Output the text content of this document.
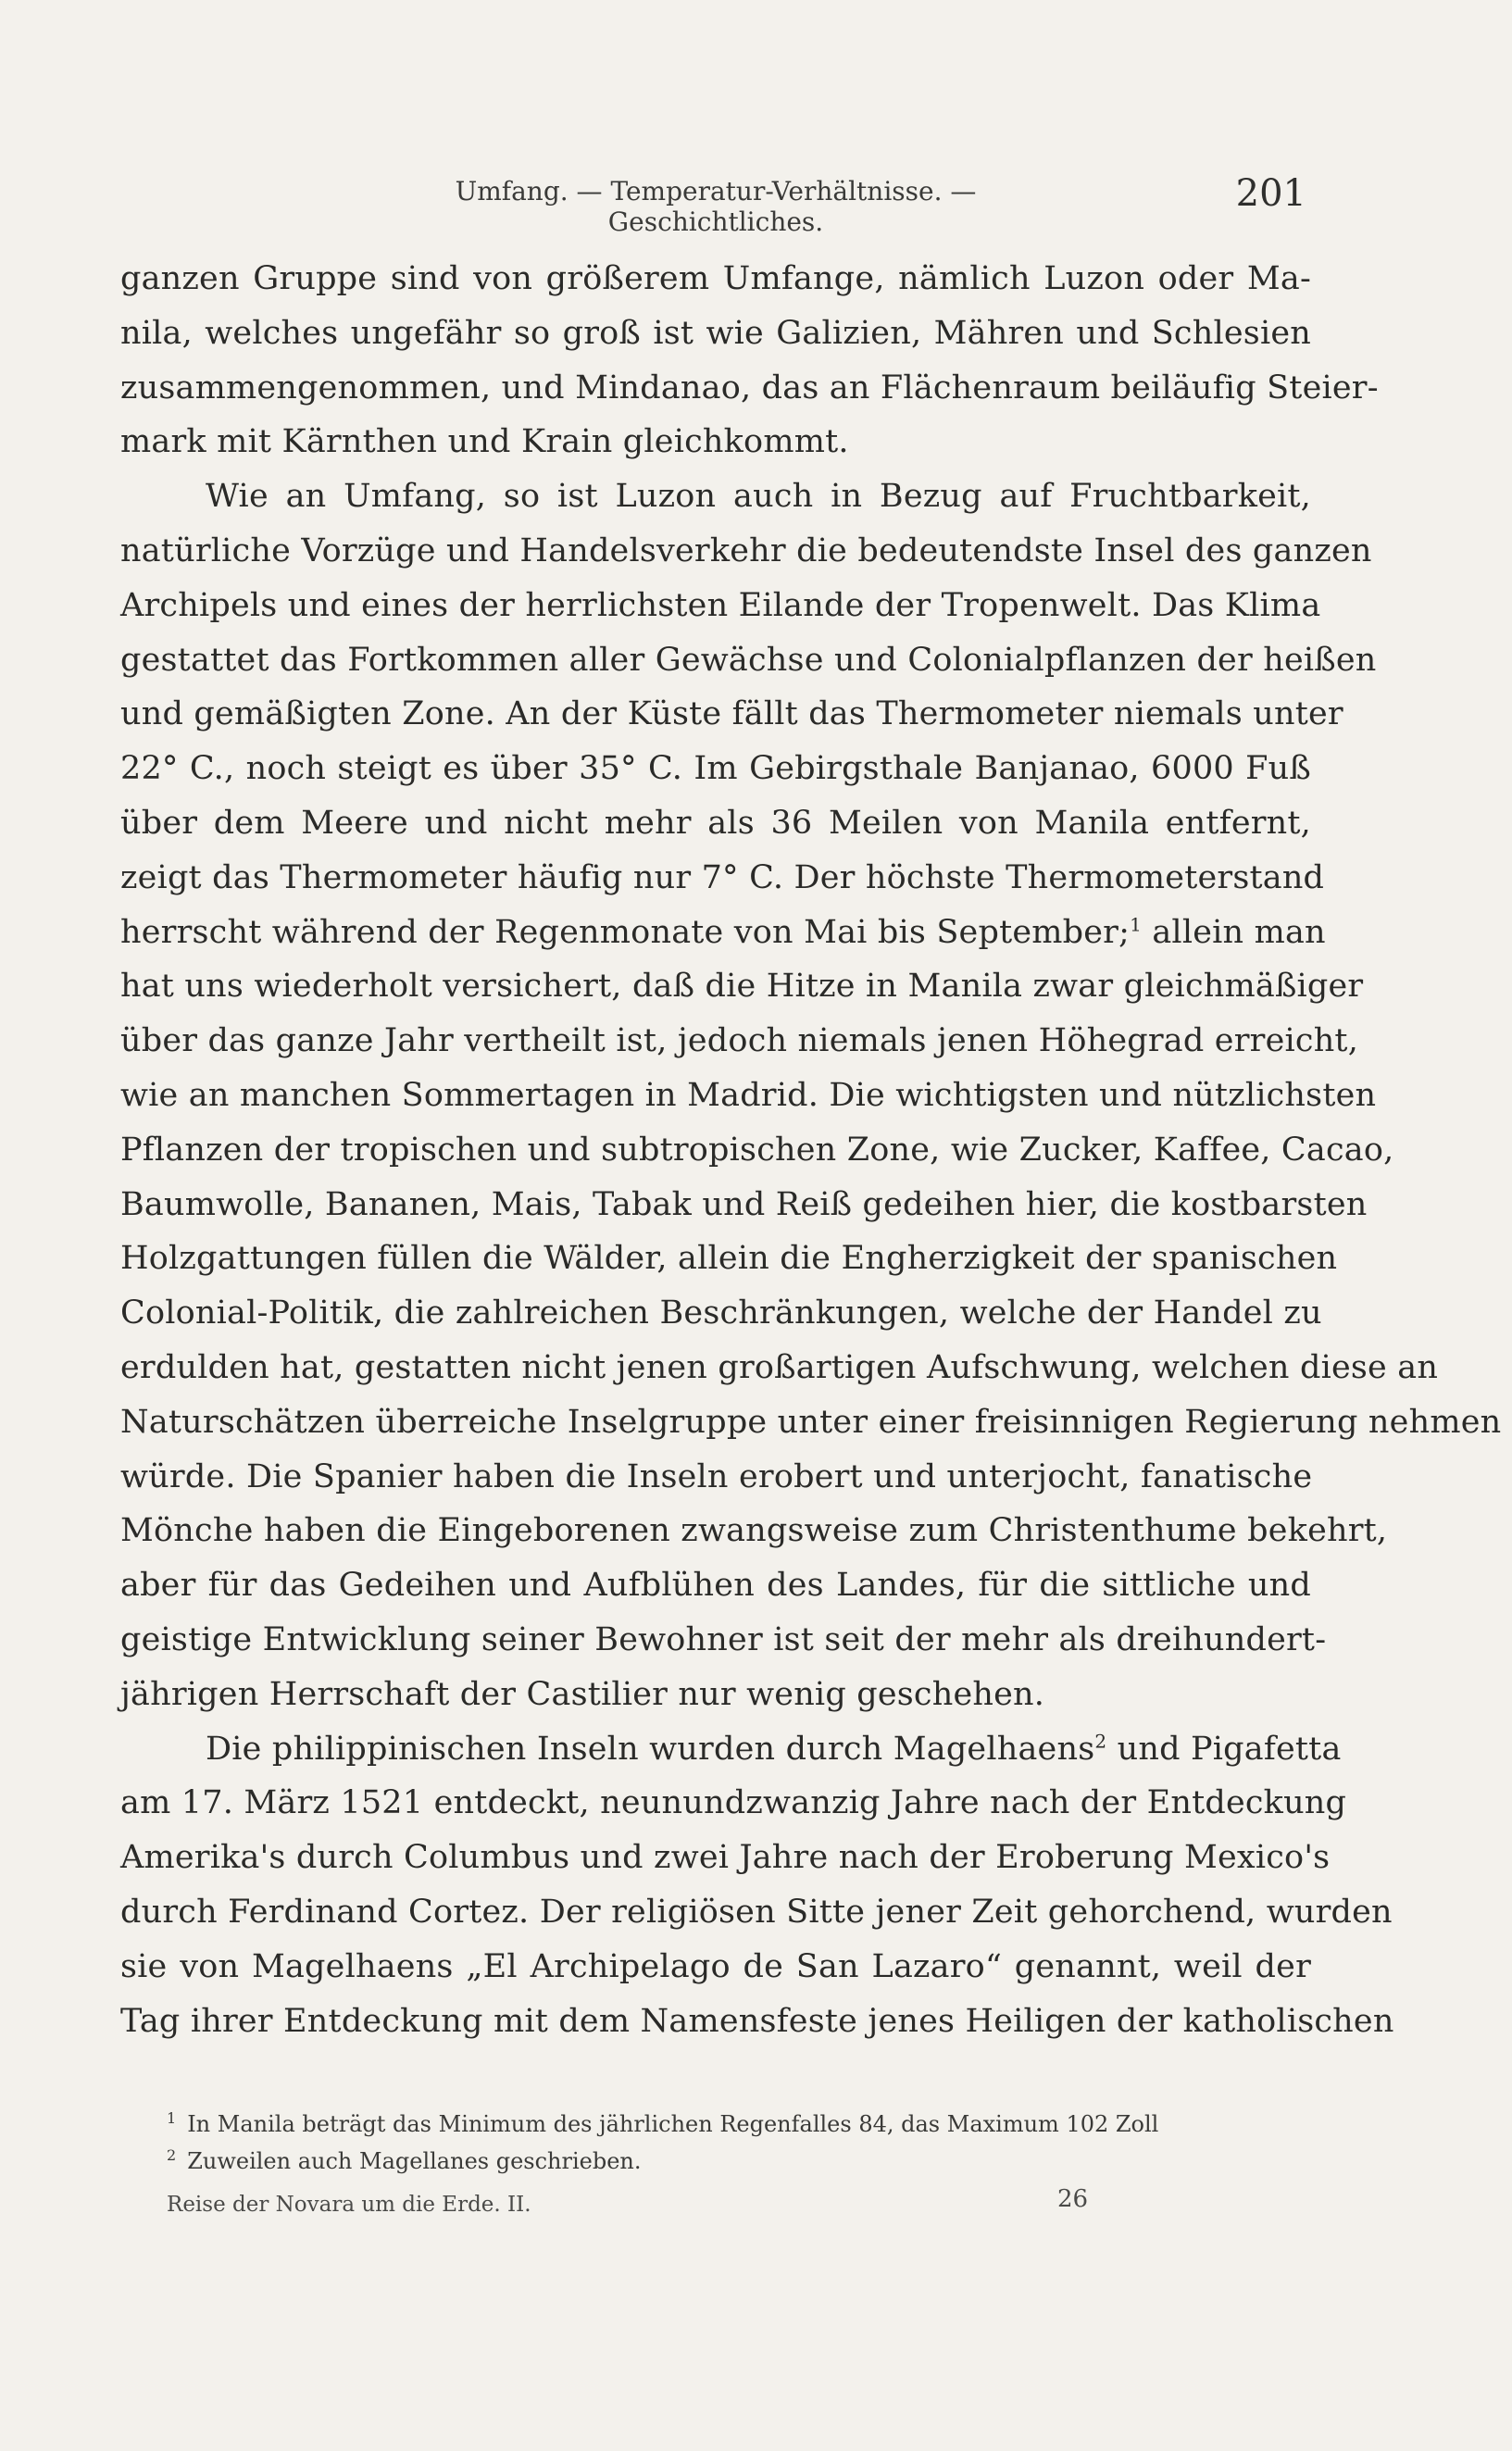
Umfang. — Temperatur-Verhältnisse. — Geschichtliches.
201
ganzen Gruppe sind von größerem Umfange, nämlich Luzon oder Ma-
nila, welches ungefähr so groß ist wie Galizien, Mähren und Schlesien
zusammengenommen, und Mindanao, das an Flächenraum beiläufig Steier-
mark mit Kärnthen und Krain gleichkommt.
Wie an Umfang, so ist Luzon auch in Bezug auf Fruchtbarkeit,
natürliche Vorzüge und Handelsverkehr die bedeutendste Insel des ganzen
Archipels und eines der herrlichsten Eilande der Tropenwelt. Das Klima
gestattet das Fortkommen aller Gewächse und Colonialpflanzen der heißen
und gemäßigten Zone. An der Küste fällt das Thermometer niemals unter
22° C., noch steigt es über 35° C. Im Gebirgsthale Banjanao, 6000 Fuß
über dem Meere und nicht mehr als 36 Meilen von Manila entfernt,
zeigt das Thermometer häufig nur 7° C. Der höchste Thermometerstand
herrscht während der Regenmonate von Mai bis September;$^1$ allein man
hat uns wiederholt versichert, daß die Hitze in Manila zwar gleichmäßiger
über das ganze Jahr vertheilt ist, jedoch niemals jenen Höhegrad erreicht,
wie an manchen Sommertagen in Madrid. Die wichtigsten und nützlichsten
Pflanzen der tropischen und subtropischen Zone, wie Zucker, Kaffee, Cacao,
Baumwolle, Bananen, Mais, Tabak und Reiß gedeihen hier, die kostbarsten
Holzgattungen füllen die Wälder, allein die Engherzigkeit der spanischen
Colonial-Politik, die zahlreichen Beschränkungen, welche der Handel zu
erdulden hat, gestatten nicht jenen großartigen Aufschwung, welchen diese an
Naturschätzen überreiche Inselgruppe unter einer freisinnigen Regierung nehmen
würde. Die Spanier haben die Inseln erobert und unterjocht, fanatische
Mönche haben die Eingeborenen zwangsweise zum Christenthume bekehrt,
aber für das Gedeihen und Aufblühen des Landes, für die sittliche und
geistige Entwicklung seiner Bewohner ist seit der mehr als dreihundert-
jährigen Herrschaft der Castilier nur wenig geschehen.
Die philippinischen Inseln wurden durch Magelhaens$^2$ und Pigafetta
am 17. März 1521 entdeckt, neunundzwanzig Jahre nach der Entdeckung
Amerika's durch Columbus und zwei Jahre nach der Eroberung Mexico's
durch Ferdinand Cortez. Der religiösen Sitte jener Zeit gehorchend, wurden
sie von Magelhaens „El Archipelago de San Lazaro“ genannt, weil der
Tag ihrer Entdeckung mit dem Namensfeste jenes Heiligen der katholischen
$^1$ In Manila beträgt das Minimum des jährlichen Regenfalles 84, das Maximum 102 Zoll
$^2$ Zuweilen auch Magellanes geschrieben.
Reise der Novara um die Erde. II.	26
